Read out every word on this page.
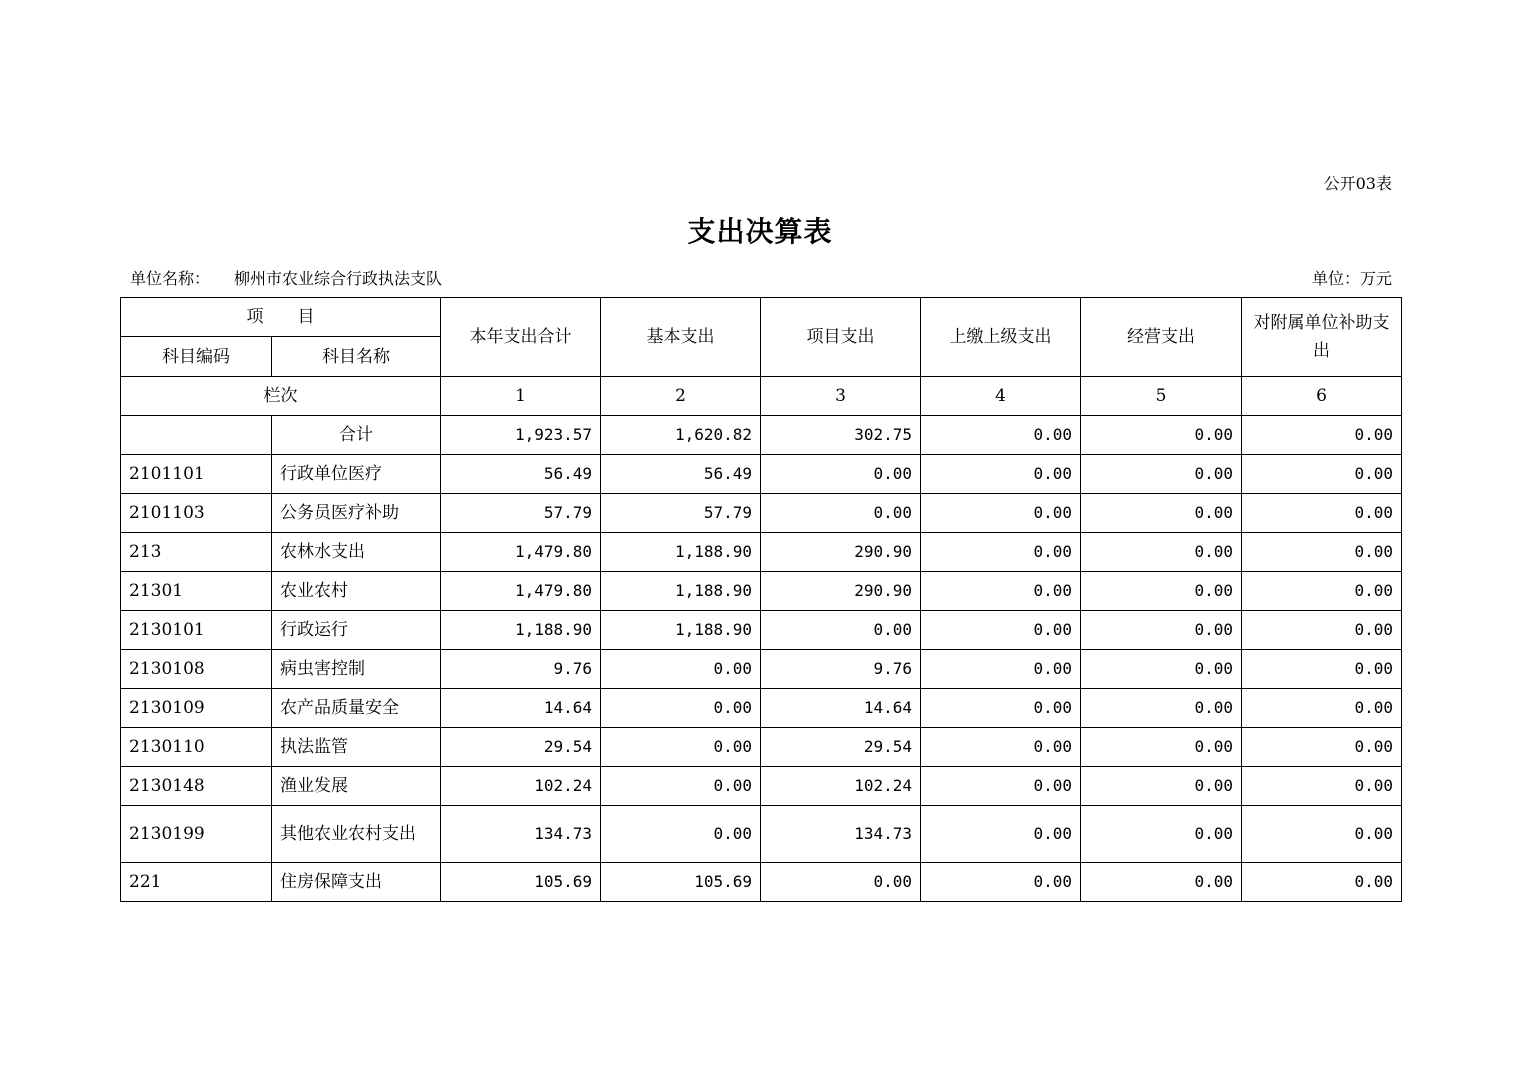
公开03表
支出决算表
单位名称： 柳州市农业综合行政执法支队	单位：万元
项　　目		本年支出合计	基本支出	项目支出	上缴上级支出	经营支出	对附属单位补助支出
科目编码	科目名称						
栏次		1	2	3	4	5	6
	合计	1,923.57	1,620.82	302.75	0.00	0.00	0.00
2101101	行政单位医疗	56.49	56.49	0.00	0.00	0.00	0.00
2101103	公务员医疗补助	57.79	57.79	0.00	0.00	0.00	0.00
213	农林水支出	1,479.80	1,188.90	290.90	0.00	0.00	0.00
21301	农业农村	1,479.80	1,188.90	290.90	0.00	0.00	0.00
2130101	行政运行	1,188.90	1,188.90	0.00	0.00	0.00	0.00
2130108	病虫害控制	9.76	0.00	9.76	0.00	0.00	0.00
2130109	农产品质量安全	14.64	0.00	14.64	0.00	0.00	0.00
2130110	执法监管	29.54	0.00	29.54	0.00	0.00	0.00
2130148	渔业发展	102.24	0.00	102.24	0.00	0.00	0.00
2130199	其他农业农村支出	134.73	0.00	134.73	0.00	0.00	0.00
221	住房保障支出	105.69	105.69	0.00	0.00	0.00	0.00
